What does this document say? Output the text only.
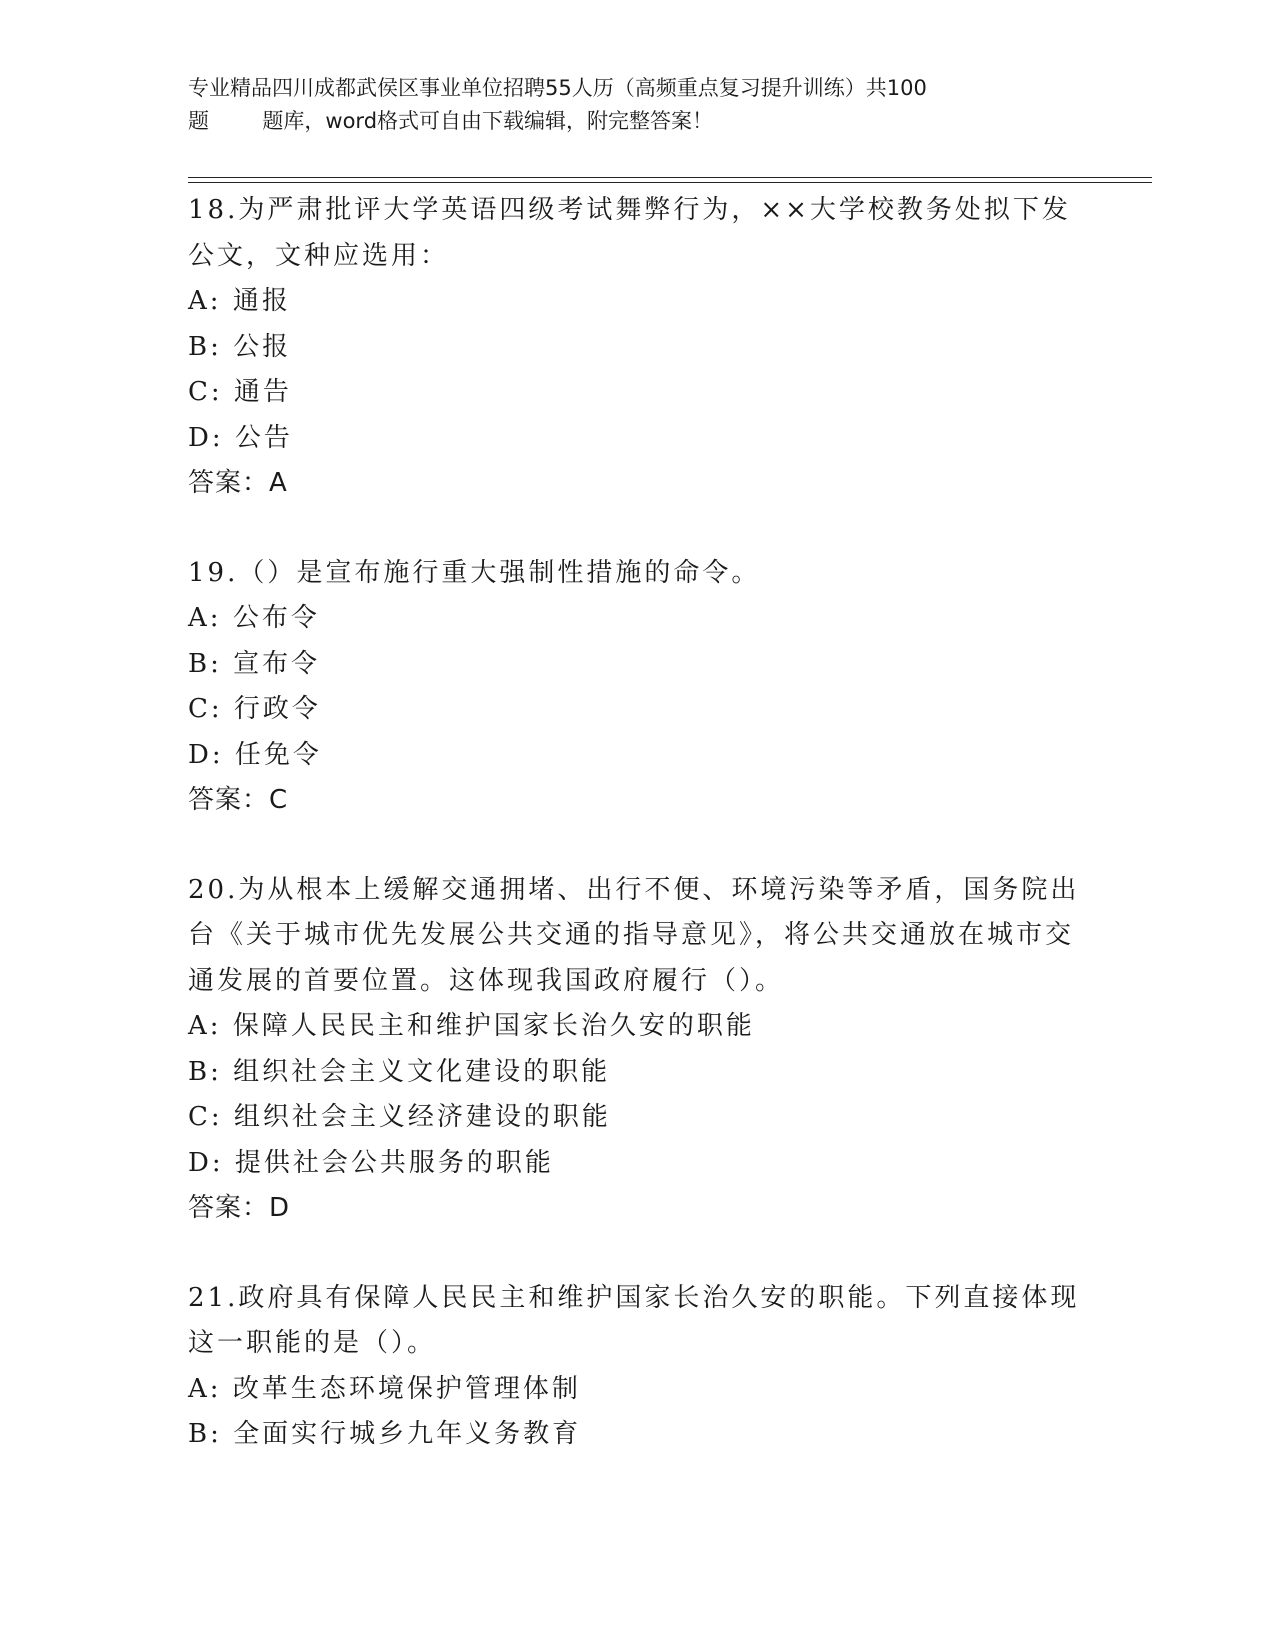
专业精品四川成都武侯区事业单位招聘55人历（高频重点复习提升训练）共100
题        题库，word格式可自由下载编辑，附完整答案！
18.为严肃批评大学英语四级考试舞弊行为，××大学校教务处拟下发公文，文种应选用：
A: 通报
B: 公报
C: 通告
D: 公告
答案：A
19.（）是宣布施行重大强制性措施的命令。
A: 公布令
B: 宣布令
C: 行政令
D: 任免令
答案：C
20.为从根本上缓解交通拥堵、出行不便、环境污染等矛盾，国务院出台《关于城市优先发展公共交通的指导意见》，将公共交通放在城市交通发展的首要位置。这体现我国政府履行（）。
A: 保障人民民主和维护国家长治久安的职能
B: 组织社会主义文化建设的职能
C: 组织社会主义经济建设的职能
D: 提供社会公共服务的职能
答案：D
21.政府具有保障人民民主和维护国家长治久安的职能。下列直接体现这一职能的是（）。
A: 改革生态环境保护管理体制
B: 全面实行城乡九年义务教育
